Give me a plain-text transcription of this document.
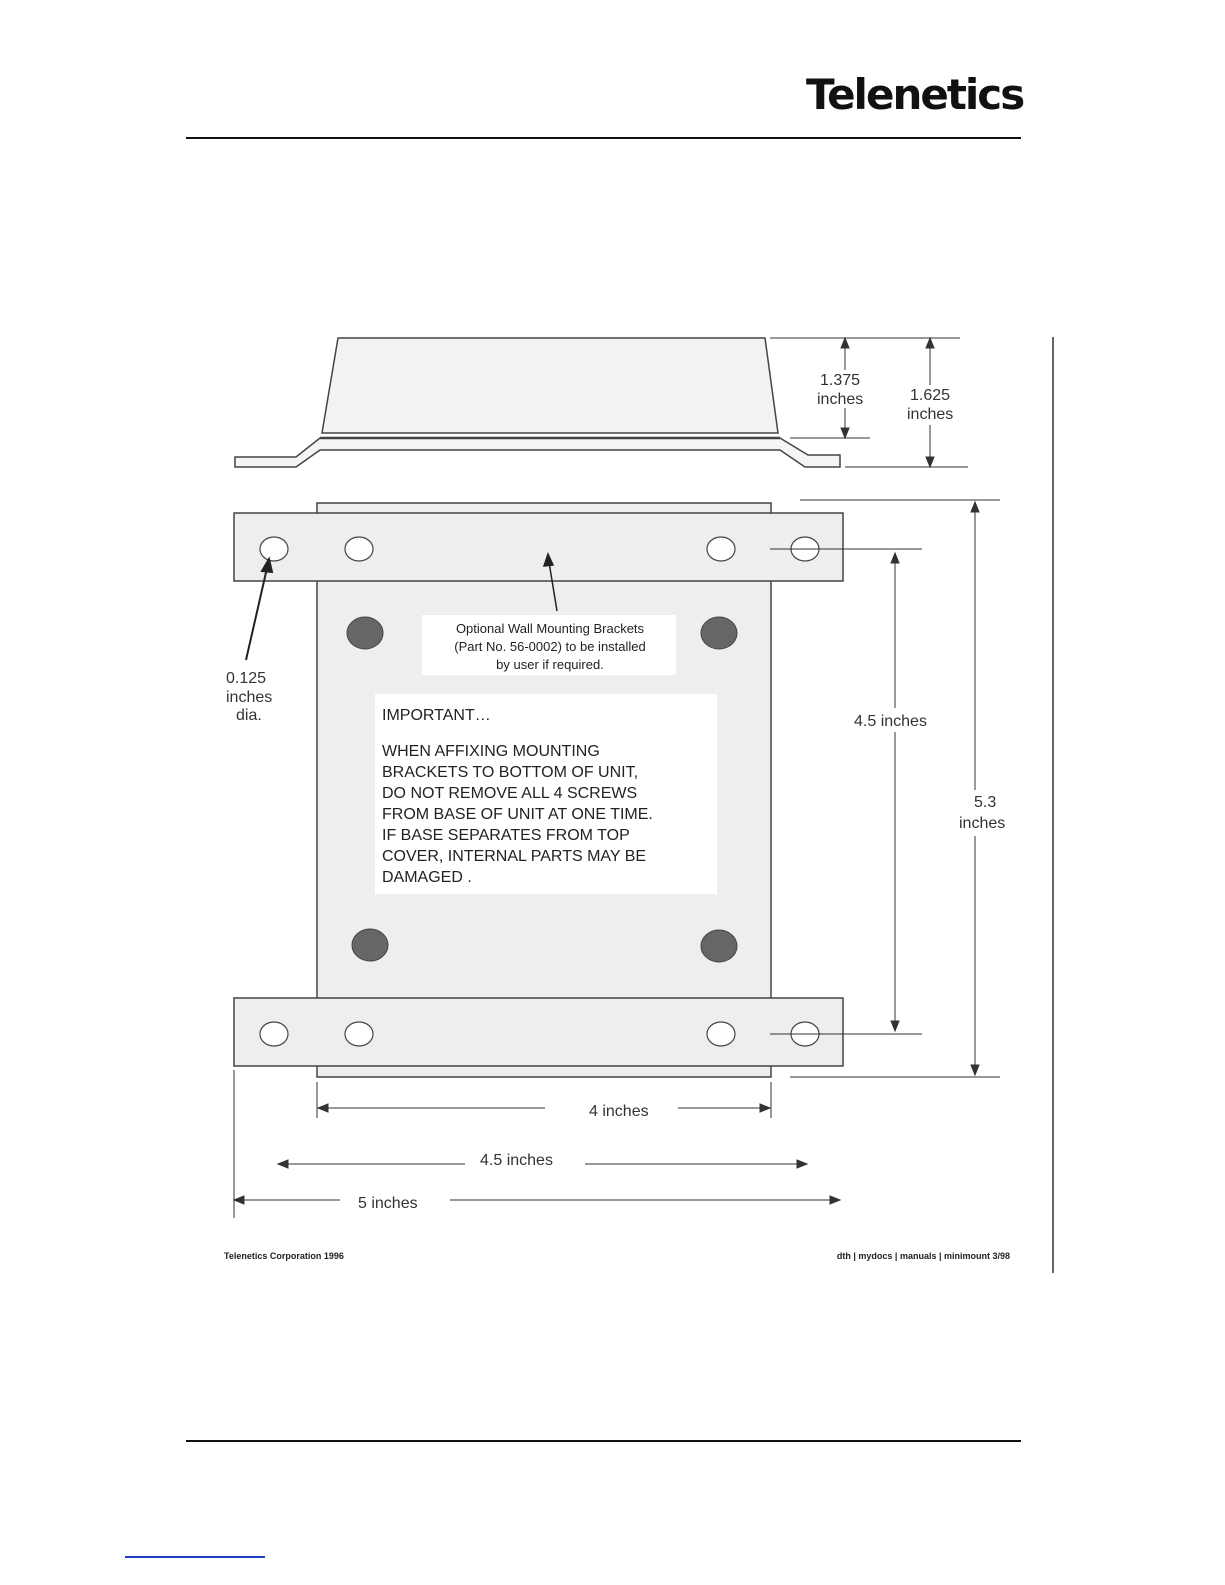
Telenetics
1.375
inches	1.625
inches
Optional Wall Mounting Brackets
(Part No. 56-0002) to be installed
by user if required.
0.125
inches
dia.	IMPORTANT…
WHEN AFFIXING MOUNTING
BRACKETS TO BOTTOM OF UNIT,
DO NOT REMOVE ALL 4 SCREWS
FROM BASE OF UNIT AT ONE TIME.
IF BASE SEPARATES FROM TOP
COVER, INTERNAL PARTS MAY BE
DAMAGED .
4.5 inches
5.3
inches
4 inches
4.5 inches
5 inches
Telenetics Corporation 1996	dth | mydocs | manuals | minimount 3/98
